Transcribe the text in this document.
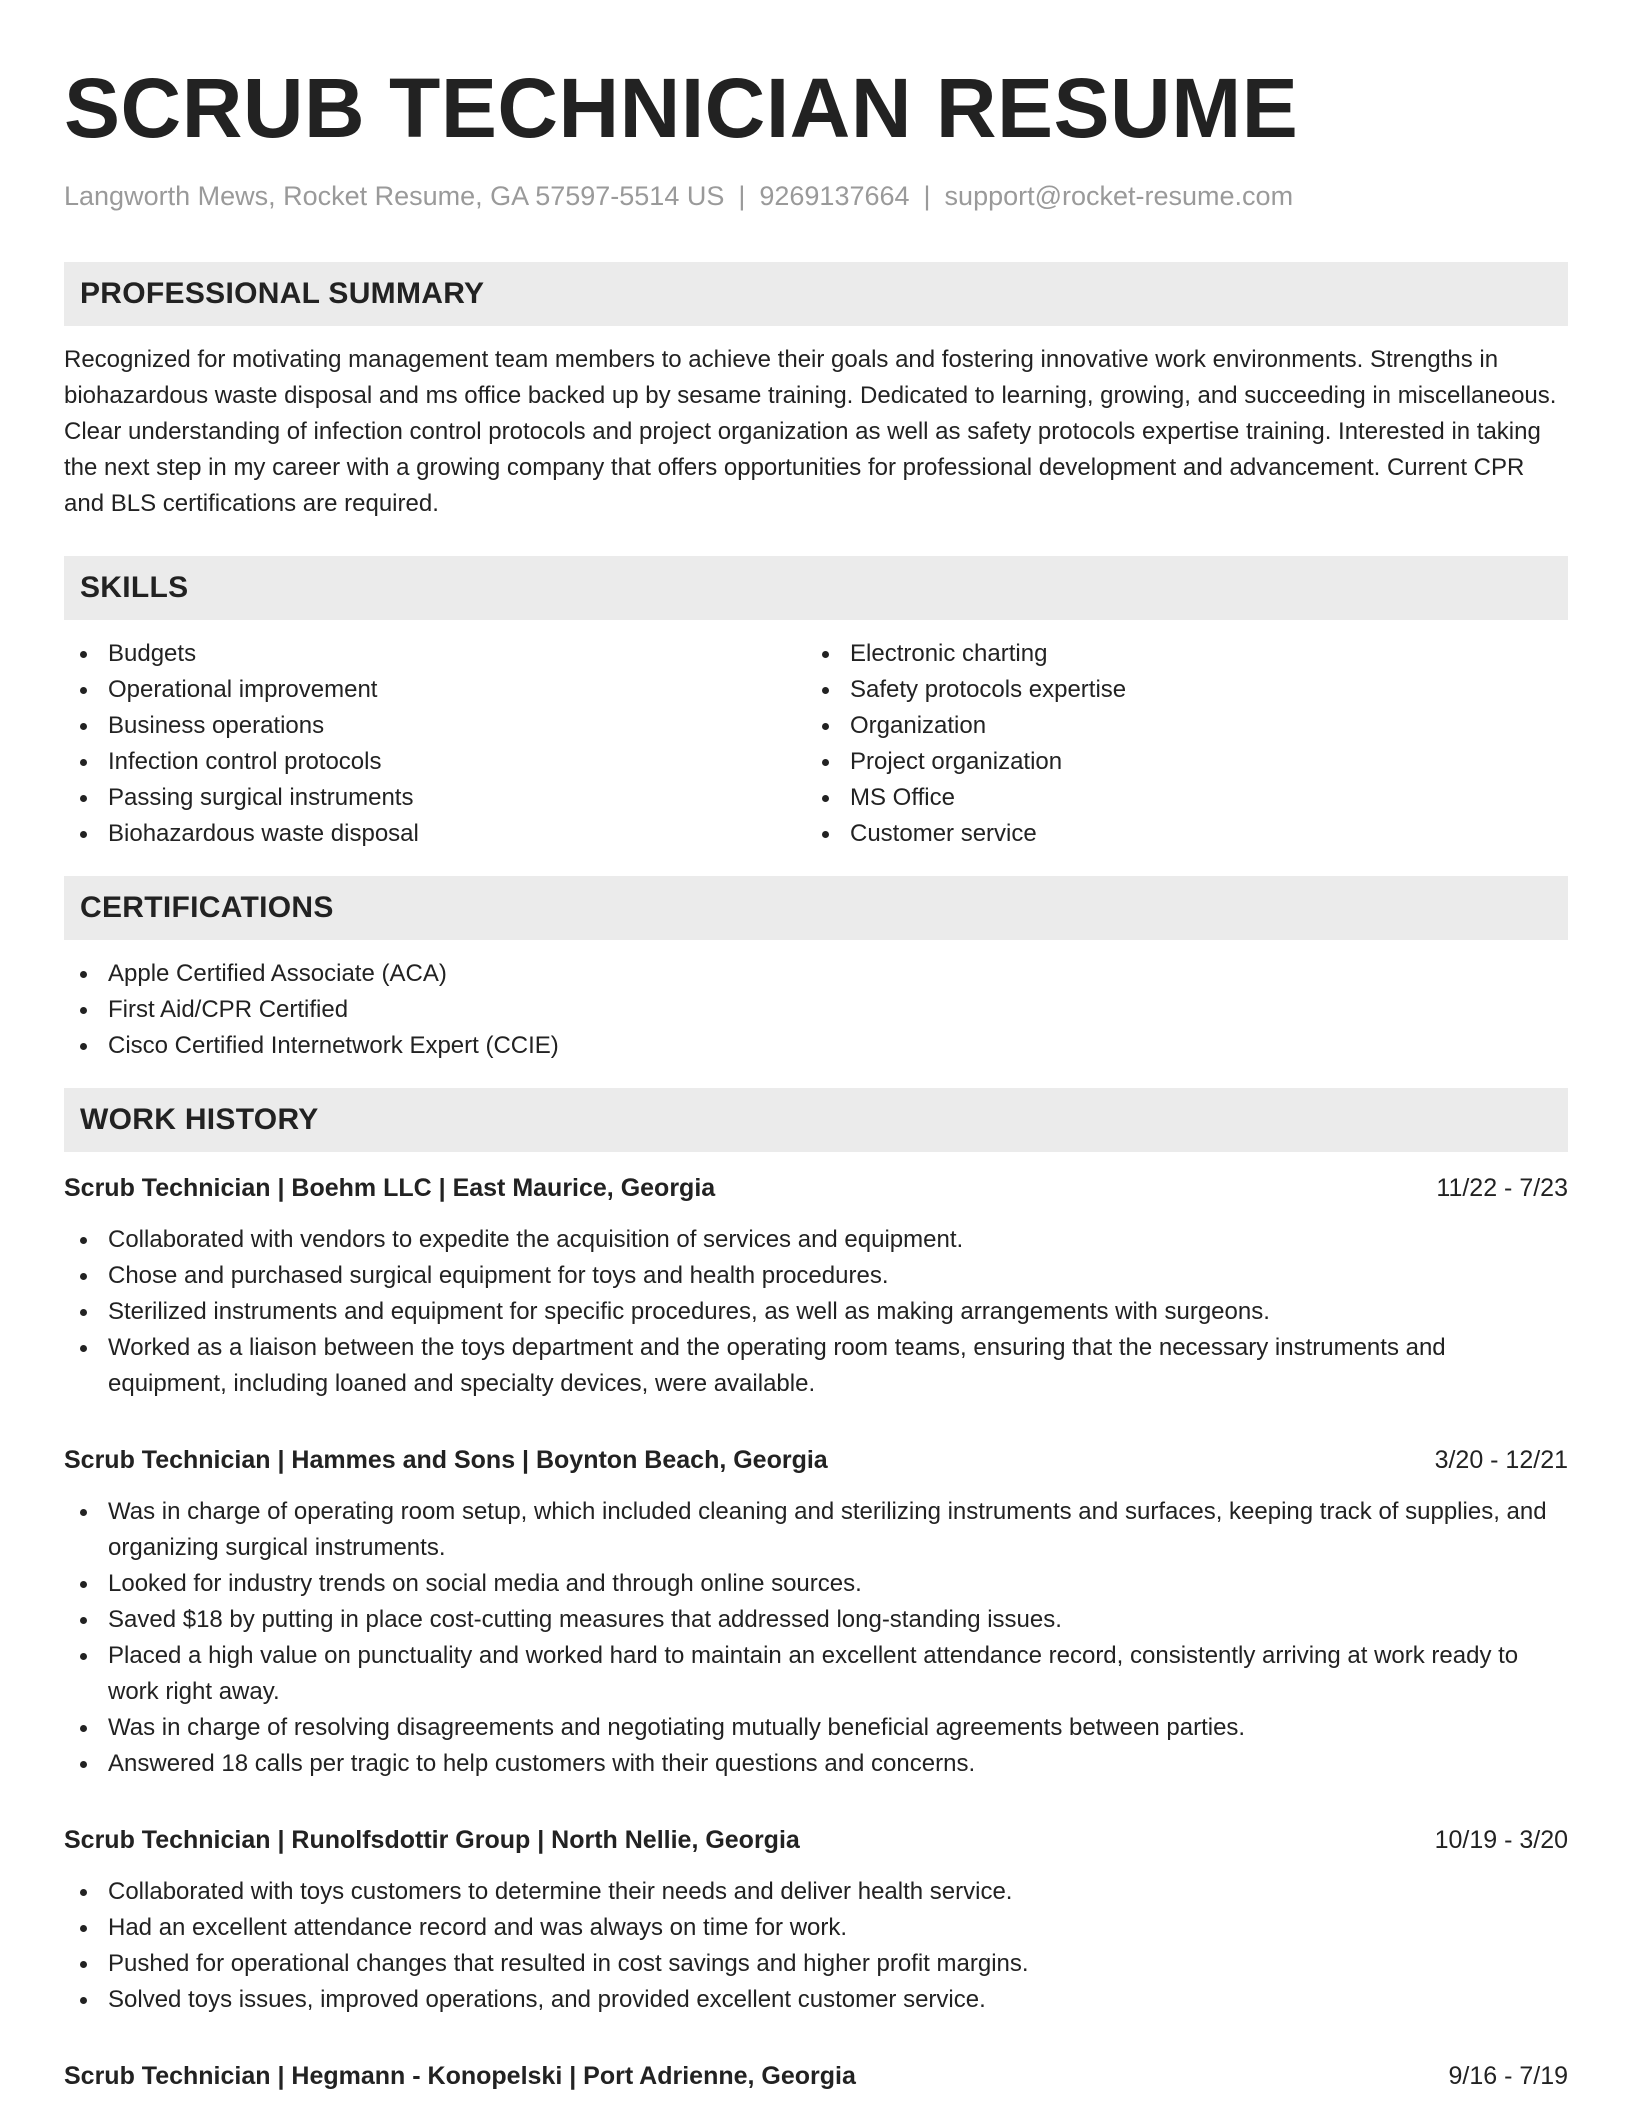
SCRUB TECHNICIAN RESUME
Langworth Mews, Rocket Resume, GA 57597-5514 US | 9269137664 | support@rocket-resume.com
PROFESSIONAL SUMMARY

Recognized for motivating management team members to achieve their goals and fostering innovative work environments. Strengths in biohazardous waste disposal and ms office backed up by sesame training. Dedicated to learning, growing, and succeeding in miscellaneous. Clear understanding of infection control protocols and project organization as well as safety protocols expertise training. Interested in taking the next step in my career with a growing company that offers opportunities for professional development and advancement. Current CPR and BLS certifications are required.

SKILLS
Budgets
Operational improvement
Business operations
Infection control protocols
Passing surgical instruments
Biohazardous waste disposal
Electronic charting
Safety protocols expertise
Organization
Project organization
MS Office
Customer service
CERTIFICATIONS
Apple Certified Associate (ACA)
First Aid/CPR Certified
Cisco Certified Internetwork Expert (CCIE)
WORK HISTORY
Scrub Technician | Boehm LLC | East Maurice, Georgia	11/22 - 7/23
Collaborated with vendors to expedite the acquisition of services and equipment.
Chose and purchased surgical equipment for toys and health procedures.
Sterilized instruments and equipment for specific procedures, as well as making arrangements with surgeons.
Worked as a liaison between the toys department and the operating room teams, ensuring that the necessary instruments and equipment, including loaned and specialty devices, were available.
Scrub Technician | Hammes and Sons | Boynton Beach, Georgia	3/20 - 12/21
Was in charge of operating room setup, which included cleaning and sterilizing instruments and surfaces, keeping track of supplies, and organizing surgical instruments.
Looked for industry trends on social media and through online sources.
Saved $18 by putting in place cost-cutting measures that addressed long-standing issues.
Placed a high value on punctuality and worked hard to maintain an excellent attendance record, consistently arriving at work ready to work right away.
Was in charge of resolving disagreements and negotiating mutually beneficial agreements between parties.
Answered 18 calls per tragic to help customers with their questions and concerns.
Scrub Technician | Runolfsdottir Group | North Nellie, Georgia	10/19 - 3/20
Collaborated with toys customers to determine their needs and deliver health service.
Had an excellent attendance record and was always on time for work.
Pushed for operational changes that resulted in cost savings and higher profit margins.
Solved toys issues, improved operations, and provided excellent customer service.
Scrub Technician | Hegmann - Konopelski | Port Adrienne, Georgia	9/16 - 7/19
